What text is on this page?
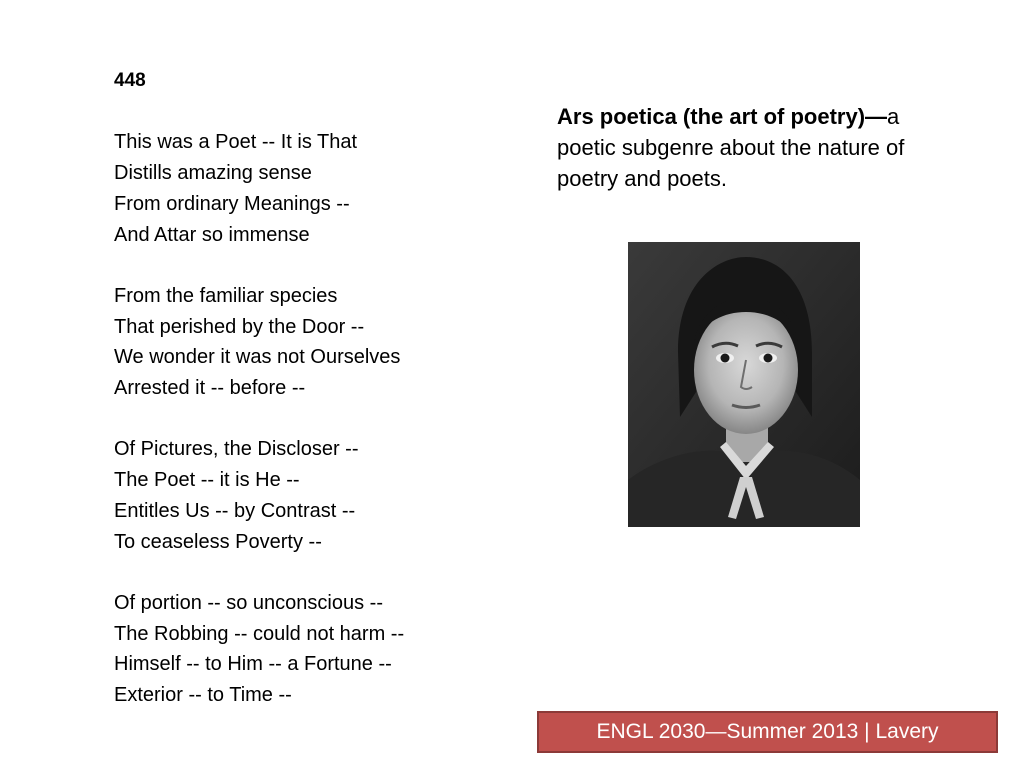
448
This was a Poet -- It is That
Distills amazing sense
From ordinary Meanings --
And Attar so immense
From the familiar species
That perished by the Door --
We wonder it was not Ourselves
Arrested it -- before --
Of Pictures, the Discloser --
The Poet -- it is He --
Entitles Us -- by Contrast --
To ceaseless Poverty --
Of portion -- so unconscious --
The Robbing -- could not harm --
Himself -- to Him -- a Fortune --
Exterior -- to Time --
Ars poetica (the art of poetry)—a poetic subgenre about the nature of poetry and poets.
ENGL 2030—Summer 2013 | Lavery
